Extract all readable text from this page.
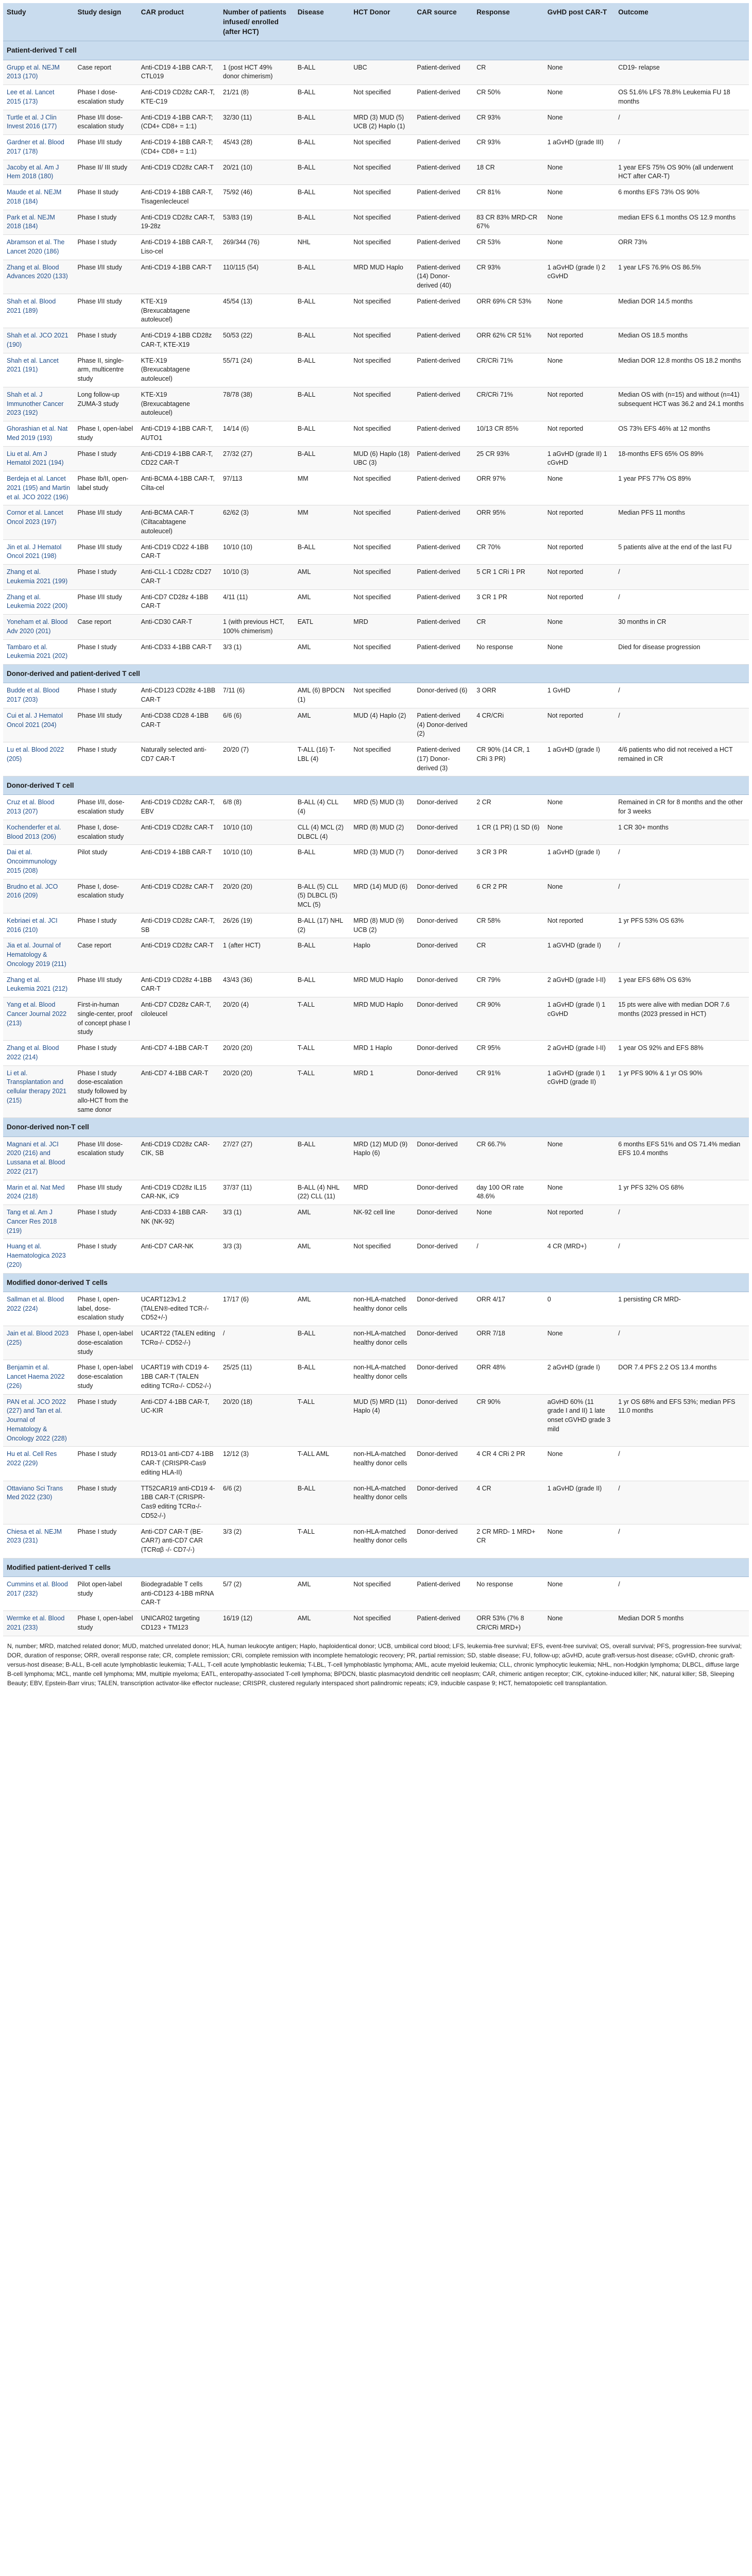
Study	Study design	CAR product	Number of patients infused/ enrolled (after HCT)	Disease	HCT Donor	CAR source	Response	GvHD post CAR-T	Outcome
Patient-derived T cell									
Grupp et al. NEJM 2013 (170)	Case report	Anti-CD19 4-1BB CAR-T, CTL019	1 (post HCT 49% donor chimerism)	B-ALL	UBC	Patient-derived	CR	None	CD19- relapse
Lee et al. Lancet 2015 (173)	Phase I dose-escalation study	Anti-CD19 CD28z CAR-T, KTE-C19	21/21 (8)	B-ALL	Not specified	Patient-derived	CR 50%	None	OS 51.6% LFS 78.8% Leukemia FU 18 months
Turtle et al. J Clin Invest 2016 (177)	Phase I/II dose-escalation study	Anti-CD19 4-1BB CAR-T; (CD4+ CD8+ = 1:1)	32/30 (11)	B-ALL	MRD (3) MUD (5) UCB (2) Haplo (1)	Patient-derived	CR 93%	None	/
Gardner et al. Blood 2017 (178)	Phase I/II study	Anti-CD19 4-1BB CAR-T; (CD4+ CD8+ = 1:1)	45/43 (28)	B-ALL	Not specified	Patient-derived	CR 93%	1 aGvHD (grade III)	/
Jacoby et al. Am J Hem 2018 (180)	Phase II/ III study	Anti-CD19 CD28z CAR-T	20/21 (10)	B-ALL	Not specified	Patient-derived	18 CR	None	1 year EFS 75% OS 90% (all underwent HCT after CAR-T)
Maude et al. NEJM 2018 (184)	Phase II study	Anti-CD19 4-1BB CAR-T, Tisagenlecleucel	75/92 (46)	B-ALL	Not specified	Patient-derived	CR 81%	None	6 months EFS 73% OS 90%
Park et al. NEJM 2018 (184)	Phase I study	Anti-CD19 CD28z CAR-T, 19-28z	53/83 (19)	B-ALL	Not specified	Patient-derived	83 CR 83% MRD-CR 67%	None	median EFS 6.1 months OS 12.9 months
Abramson et al. The Lancet 2020 (186)	Phase I study	Anti-CD19 4-1BB CAR-T, Liso-cel	269/344 (76)	NHL	Not specified	Patient-derived	CR 53%	None	ORR 73%
Zhang et al. Blood Advances 2020 (133)	Phase I/II study	Anti-CD19 4-1BB CAR-T	110/115 (54)	B-ALL	MRD MUD Haplo	Patient-derived (14) Donor-derived (40)	CR 93%	1 aGvHD (grade I) 2 cGvHD	1 year LFS 76.9% OS 86.5%
Shah et al. Blood 2021 (189)	Phase I/II study	KTE-X19 (Brexucabtagene autoleucel)	45/54 (13)	B-ALL	Not specified	Patient-derived	ORR 69% CR 53%	None	Median DOR 14.5 months
Shah et al. JCO 2021 (190)	Phase I study	Anti-CD19 4-1BB CD28z CAR-T, KTE-X19	50/53 (22)	B-ALL	Not specified	Patient-derived	ORR 62% CR 51%	Not reported	Median OS 18.5 months
Shah et al. Lancet 2021 (191)	Phase II, single-arm, multicentre study	KTE-X19 (Brexucabtagene autoleucel)	55/71 (24)	B-ALL	Not specified	Patient-derived	CR/CRi 71%	None	Median DOR 12.8 months OS 18.2 months
Shah et al. J Immunother Cancer 2023 (192)	Long follow-up ZUMA-3 study	KTE-X19 (Brexucabtagene autoleucel)	78/78 (38)	B-ALL	Not specified	Patient-derived	CR/CRi 71%	Not reported	Median OS with (n=15) and without (n=41) subsequent HCT was 36.2 and 24.1 months
Ghorashian et al. Nat Med 2019 (193)	Phase I, open-label study	Anti-CD19 4-1BB CAR-T, AUTO1	14/14 (6)	B-ALL	Not specified	Patient-derived	10/13 CR 85%	Not reported	OS 73% EFS 46% at 12 months
Liu et al. Am J Hematol 2021 (194)	Phase I study	Anti-CD19 4-1BB CAR-T, CD22 CAR-T	27/32 (27)	B-ALL	MUD (6) Haplo (18) UBC (3)	Patient-derived	25 CR 93%	1 aGvHD (grade II) 1 cGvHD	18-months EFS 65% OS 89%
Berdeja et al. Lancet 2021 (195) and Martin et al. JCO 2022 (196)	Phase Ib/II, open-label study	Anti-BCMA 4-1BB CAR-T, Cilta-cel	97/113	MM	Not specified	Patient-derived	ORR 97%	None	1 year PFS 77% OS 89%
Cornor et al. Lancet Oncol 2023 (197)	Phase I/II study	Anti-BCMA CAR-T (Ciltacabtagene autoleucel)	62/62 (3)	MM	Not specified	Patient-derived	ORR 95%	Not reported	Median PFS 11 months
Jin et al. J Hematol Oncol 2021 (198)	Phase I/II study	Anti-CD19 CD22 4-1BB CAR-T	10/10 (10)	B-ALL	Not specified	Patient-derived	CR 70%	Not reported	5 patients alive at the end of the last FU
Zhang et al. Leukemia 2021 (199)	Phase I study	Anti-CLL-1 CD28z CD27 CAR-T	10/10 (3)	AML	Not specified	Patient-derived	5 CR 1 CRi 1 PR	Not reported	/
Zhang et al. Leukemia 2022 (200)	Phase I/II study	Anti-CD7 CD28z 4-1BB CAR-T	4/11 (11)	AML	Not specified	Patient-derived	3 CR 1 PR	Not reported	/
Yoneham et al. Blood Adv 2020 (201)	Case report	Anti-CD30 CAR-T	1 (with previous HCT, 100% chimerism)	EATL	MRD	Patient-derived	CR	None	30 months in CR
Tambaro et al. Leukemia 2021 (202)	Phase I study	Anti-CD33 4-1BB CAR-T	3/3 (1)	AML	Not specified	Patient-derived	No response	None	Died for disease progression
Donor-derived and patient-derived T cell									
Budde et al. Blood 2017 (203)	Phase I study	Anti-CD123 CD28z 4-1BB CAR-T	7/11 (6)	AML (6) BPDCN (1)	Not specified	Donor-derived (6)	3 ORR	1 GvHD	/
Cui et al. J Hematol Oncol 2021 (204)	Phase I/II study	Anti-CD38 CD28 4-1BB CAR-T	6/6 (6)	AML	MUD (4) Haplo (2)	Patient-derived (4) Donor-derived (2)	4 CR/CRi	Not reported	/
Lu et al. Blood 2022 (205)	Phase I study	Naturally selected anti-CD7 CAR-T	20/20 (7)	T-ALL (16) T-LBL (4)	Not specified	Patient-derived (17) Donor-derived (3)	CR 90% (14 CR, 1 CRi 3 PR)	1 aGvHD (grade I)	4/6 patients who did not received a HCT remained in CR
Donor-derived T cell									
Cruz et al. Blood 2013 (207)	Phase I/II, dose-escalation study	Anti-CD19 CD28z CAR-T, EBV	6/8 (8)	B-ALL (4) CLL (4)	MRD (5) MUD (3)	Donor-derived	2 CR	None	Remained in CR for 8 months and the other for 3 weeks
Kochenderfer et al. Blood 2013 (206)	Phase I, dose-escalation study	Anti-CD19 CD28z CAR-T	10/10 (10)	CLL (4) MCL (2) DLBCL (4)	MRD (8) MUD (2)	Donor-derived	1 CR (1 PR) (1 SD (6)	None	1 CR 30+ months
Dai et al. Oncoimmunology 2015 (208)	Pilot study	Anti-CD19 4-1BB CAR-T	10/10 (10)	B-ALL	MRD (3) MUD (7)	Donor-derived	3 CR 3 PR	1 aGvHD (grade I)	/
Brudno et al. JCO 2016 (209)	Phase I, dose-escalation study	Anti-CD19 CD28z CAR-T	20/20 (20)	B-ALL (5) CLL (5) DLBCL (5) MCL (5)	MRD (14) MUD (6)	Donor-derived	6 CR 2 PR	None	/
Kebriaei et al. JCI 2016 (210)	Phase I study	Anti-CD19 CD28z CAR-T, SB	26/26 (19)	B-ALL (17) NHL (2)	MRD (8) MUD (9) UCB (2)	Donor-derived	CR 58%	Not reported	1 yr PFS 53% OS 63%
Jia et al. Journal of Hematology & Oncology 2019 (211)	Case report	Anti-CD19 CD28z CAR-T	1 (after HCT)	B-ALL	Haplo	Donor-derived	CR	1 aGVHD (grade I)	/
Zhang et al. Leukemia 2021 (212)	Phase I/II study	Anti-CD19 CD28z 4-1BB CAR-T	43/43 (36)	B-ALL	MRD MUD Haplo	Donor-derived	CR 79%	2 aGvHD (grade I-II)	1 year EFS 68% OS 63%
Yang et al. Blood Cancer Journal 2022 (213)	First-in-human single-center, proof of concept phase I study	Anti-CD7 CD28z CAR-T, ciloleucel	20/20 (4)	T-ALL	MRD MUD Haplo	Donor-derived	CR 90%	1 aGvHD (grade I) 1 cGvHD	15 pts were alive with median DOR 7.6 months (2023 pressed in HCT)
Zhang et al. Blood 2022 (214)	Phase I study	Anti-CD7 4-1BB CAR-T	20/20 (20)	T-ALL	MRD 1 Haplo	Donor-derived	CR 95%	2 aGvHD (grade I-II)	1 year OS 92% and EFS 88%
Li et al. Transplantation and cellular therapy 2021 (215)	Phase I study dose-escalation study followed by allo-HCT from the same donor	Anti-CD7 4-1BB CAR-T	20/20 (20)	T-ALL	MRD 1	Donor-derived	CR 91%	1 aGvHD (grade I) 1 cGvHD (grade II)	1 yr PFS 90% & 1 yr OS 90%
Donor-derived non-T cell									
Magnani et al. JCI 2020 (216) and Lussana et al. Blood 2022 (217)	Phase I/II dose-escalation study	Anti-CD19 CD28z CAR-CIK, SB	27/27 (27)	B-ALL	MRD (12) MUD (9) Haplo (6)	Donor-derived	CR 66.7%	None	6 months EFS 51% and OS 71.4% median EFS 10.4 months
Marin et al. Nat Med 2024 (218)	Phase I/II study	Anti-CD19 CD28z IL15 CAR-NK, iC9	37/37 (11)	B-ALL (4) NHL (22) CLL (11)	MRD	Donor-derived	day 100 OR rate 48.6%	None	1 yr PFS 32% OS 68%
Tang et al. Am J Cancer Res 2018 (219)	Phase I study	Anti-CD33 4-1BB CAR-NK (NK-92)	3/3 (1)	AML	NK-92 cell line	Donor-derived	None	Not reported	/
Huang et al. Haematologica 2023 (220)	Phase I study	Anti-CD7 CAR-NK	3/3 (3)	AML	Not specified	Donor-derived	/	4 CR (MRD+)	/
Modified donor-derived T cells									
Sallman et al. Blood 2022 (224)	Phase I, open-label, dose-escalation study	UCART123v1.2 (TALEN®-edited TCR-/- CD52+/-)	17/17 (6)	AML	non-HLA-matched healthy donor cells	Donor-derived	ORR 4/17	0	1 persisting CR MRD-
Jain et al. Blood 2023 (225)	Phase I, open-label dose-escalation study	UCART22 (TALEN editing TCRα-/- CD52-/-)	/	B-ALL	non-HLA-matched healthy donor cells	Donor-derived	ORR 7/18	None	/
Benjamin et al. Lancet Haema 2022 (226)	Phase I, open-label dose-escalation study	UCART19 with CD19 4-1BB CAR-T (TALEN editing TCRα-/- CD52-/-)	25/25 (11)	B-ALL	non-HLA-matched healthy donor cells	Donor-derived	ORR 48%	2 aGvHD (grade I)	DOR 7.4 PFS 2.2 OS 13.4 months
PAN et al. JCO 2022 (227) and Tan et al. Journal of Hematology & Oncology 2022 (228)	Phase I study	Anti-CD7 4-1BB CAR-T, UC-KIR	20/20 (18)	T-ALL	MUD (5) MRD (11) Haplo (4)	Donor-derived	CR 90%	aGvHD 60% (11 grade I and II) 1 late onset cGVHD grade 3 mild	1 yr OS 68% and EFS 53%; median PFS 11.0 months
Hu et al. Cell Res 2022 (229)	Phase I study	RD13-01 anti-CD7 4-1BB CAR-T (CRISPR-Cas9 editing HLA-II)	12/12 (3)	T-ALL AML	non-HLA-matched healthy donor cells	Donor-derived	4 CR 4 CRi 2 PR	None	/
Ottaviano Sci Trans Med 2022 (230)	Phase I study	TT52CAR19 anti-CD19 4-1BB CAR-T (CRISPR-Cas9 editing TCRα-/- CD52-/-)	6/6 (2)	B-ALL	non-HLA-matched healthy donor cells	Donor-derived	4 CR	1 aGvHD (grade II)	/
Chiesa et al. NEJM 2023 (231)	Phase I study	Anti-CD7 CAR-T (BE-CAR7) anti-CD7 CAR (TCRαβ -/- CD7-/-)	3/3 (2)	T-ALL	non-HLA-matched healthy donor cells	Donor-derived	2 CR MRD- 1 MRD+ CR	None	/
Modified patient-derived T cells									
Cummins et al. Blood 2017 (232)	Pilot open-label study	Biodegradable T cells anti-CD123 4-1BB mRNA CAR-T	5/7 (2)	AML	Not specified	Patient-derived	No response	None	/
Wermke et al. Blood 2021 (233)	Phase I, open-label study	UNICAR02 targeting CD123 + TM123	16/19 (12)	AML	Not specified	Patient-derived	ORR 53% (7% 8 CR/CRi MRD+)	None	Median DOR 5 months
N, number; MRD, matched related donor; MUD, matched unrelated donor; HLA, human leukocyte antigen; Haplo, haploidentical donor; UCB, umbilical cord blood; LFS, leukemia-free survival; EFS, event-free survival; OS, overall survival; PFS, progression-free survival; DOR, duration of response; ORR, overall response rate; CR, complete remission; CRi, complete remission with incomplete hematologic recovery; PR, partial remission; SD, stable disease; FU, follow-up; aGvHD, acute graft-versus-host disease; cGvHD, chronic graft-versus-host disease; B-ALL, B-cell acute lymphoblastic leukemia; T-ALL, T-cell acute lymphoblastic leukemia; T-LBL, T-cell lymphoblastic lymphoma; AML, acute myeloid leukemia; CLL, chronic lymphocytic leukemia; NHL, non-Hodgkin lymphoma; DLBCL, diffuse large B-cell lymphoma; MCL, mantle cell lymphoma; MM, multiple myeloma; EATL, enteropathy-associated T-cell lymphoma; BPDCN, blastic plasmacytoid dendritic cell neoplasm; CAR, chimeric antigen receptor; CIK, cytokine-induced killer; NK, natural killer; SB, Sleeping Beauty; EBV, Epstein-Barr virus; TALEN, transcription activator-like effector nuclease; CRISPR, clustered regularly interspaced short palindromic repeats; iC9, inducible caspase 9; HCT, hematopoietic cell transplantation.
